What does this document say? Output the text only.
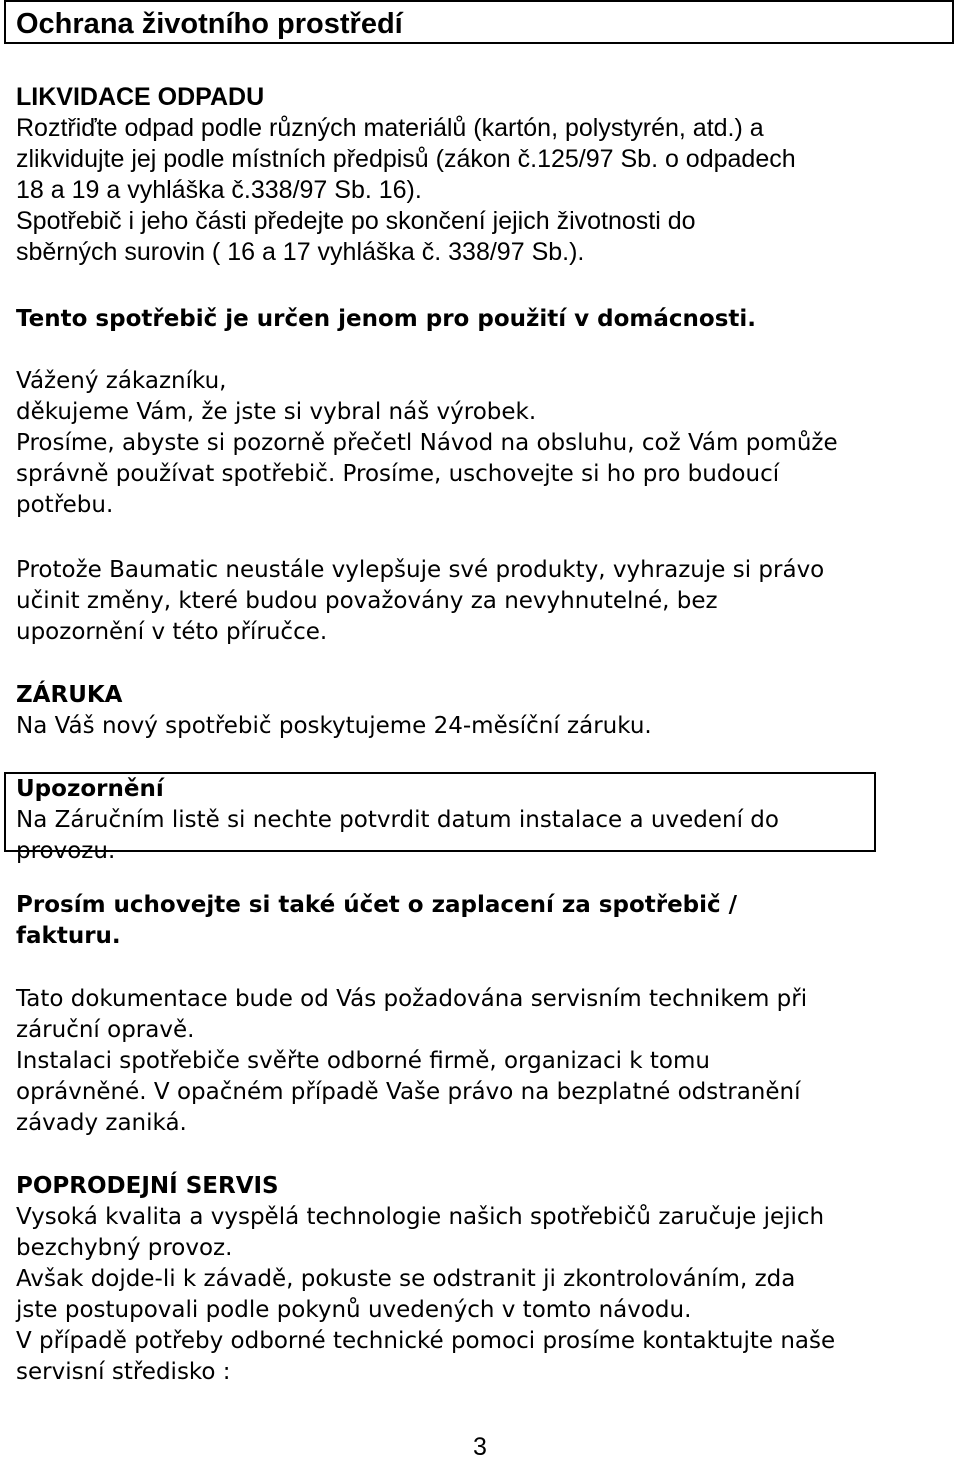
Ochrana životního prostředí
LIKVIDACE ODPADU
Roztřiďte odpad podle různých materiálů (kartón, polystyrén, atd.) a
zlikvidujte jej podle místních předpisů (zákon č.125/97 Sb. o odpadech
18 a 19 a vyhláška č.338/97 Sb. 16).
Spotřebič i jeho části předejte po skončení jejich životnosti do
sběrných surovin ( 16 a 17 vyhláška č. 338/97 Sb.).
Tento spotřebič je určen jenom pro použití v domácnosti.
Vážený zákazníku,
děkujeme Vám, že jste si vybral náš výrobek.
Prosíme, abyste si pozorně přečetl Návod na obsluhu, což Vám pomůže
správně používat spotřebič. Prosíme, uschovejte si ho pro budoucí
potřebu.
Protože Baumatic neustále vylepšuje své produkty, vyhrazuje si právo
učinit změny, které budou považovány za nevyhnutelné, bez
upozornění v této příručce.
ZÁRUKA
Na Váš nový spotřebič poskytujeme 24-měsíční záruku.
Upozornění
Na Záručním listě si nechte potvrdit datum instalace a uvedení do
provozu.
Prosím uchovejte si také účet o zaplacení za spotřebič /
fakturu.
Tato dokumentace bude od Vás požadována servisním technikem při
záruční opravě.
Instalaci spotřebiče svěřte odborné firmě, organizaci k tomu
oprávněné. V opačném případě Vaše právo na bezplatné odstranění
závady zaniká.
POPRODEJNÍ SERVIS
Vysoká kvalita a vyspělá technologie našich spotřebičů zaručuje jejich
bezchybný provoz.
Avšak dojde-li k závadě, pokuste se odstranit ji zkontrolováním, zda
jste postupovali podle pokynů uvedených v tomto návodu.
V případě potřeby odborné technické pomoci prosíme kontaktujte naše
servisní středisko :
3
